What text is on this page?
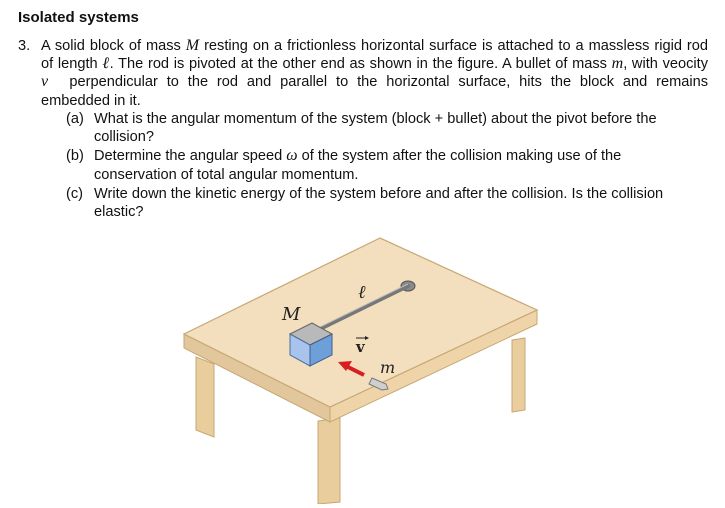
Isolated systems
3. A solid block of mass M resting on a frictionless horizontal surface is attached to a massless rigid rod of length ℓ. The rod is pivoted at the other end as shown in the figure. A bullet of mass m, with veocity v⃗ perpendicular to the rod and parallel to the horizontal surface, hits the block and remains embedded in it.
(a) What is the angular momentum of the system (block + bullet) about the pivot before the collision?
(b) Determine the angular speed ω of the system after the collision making use of the conservation of total angular momentum.
(c) Write down the kinetic energy of the system before and after the collision. Is the collision elastic?
M
ℓ
v
m
